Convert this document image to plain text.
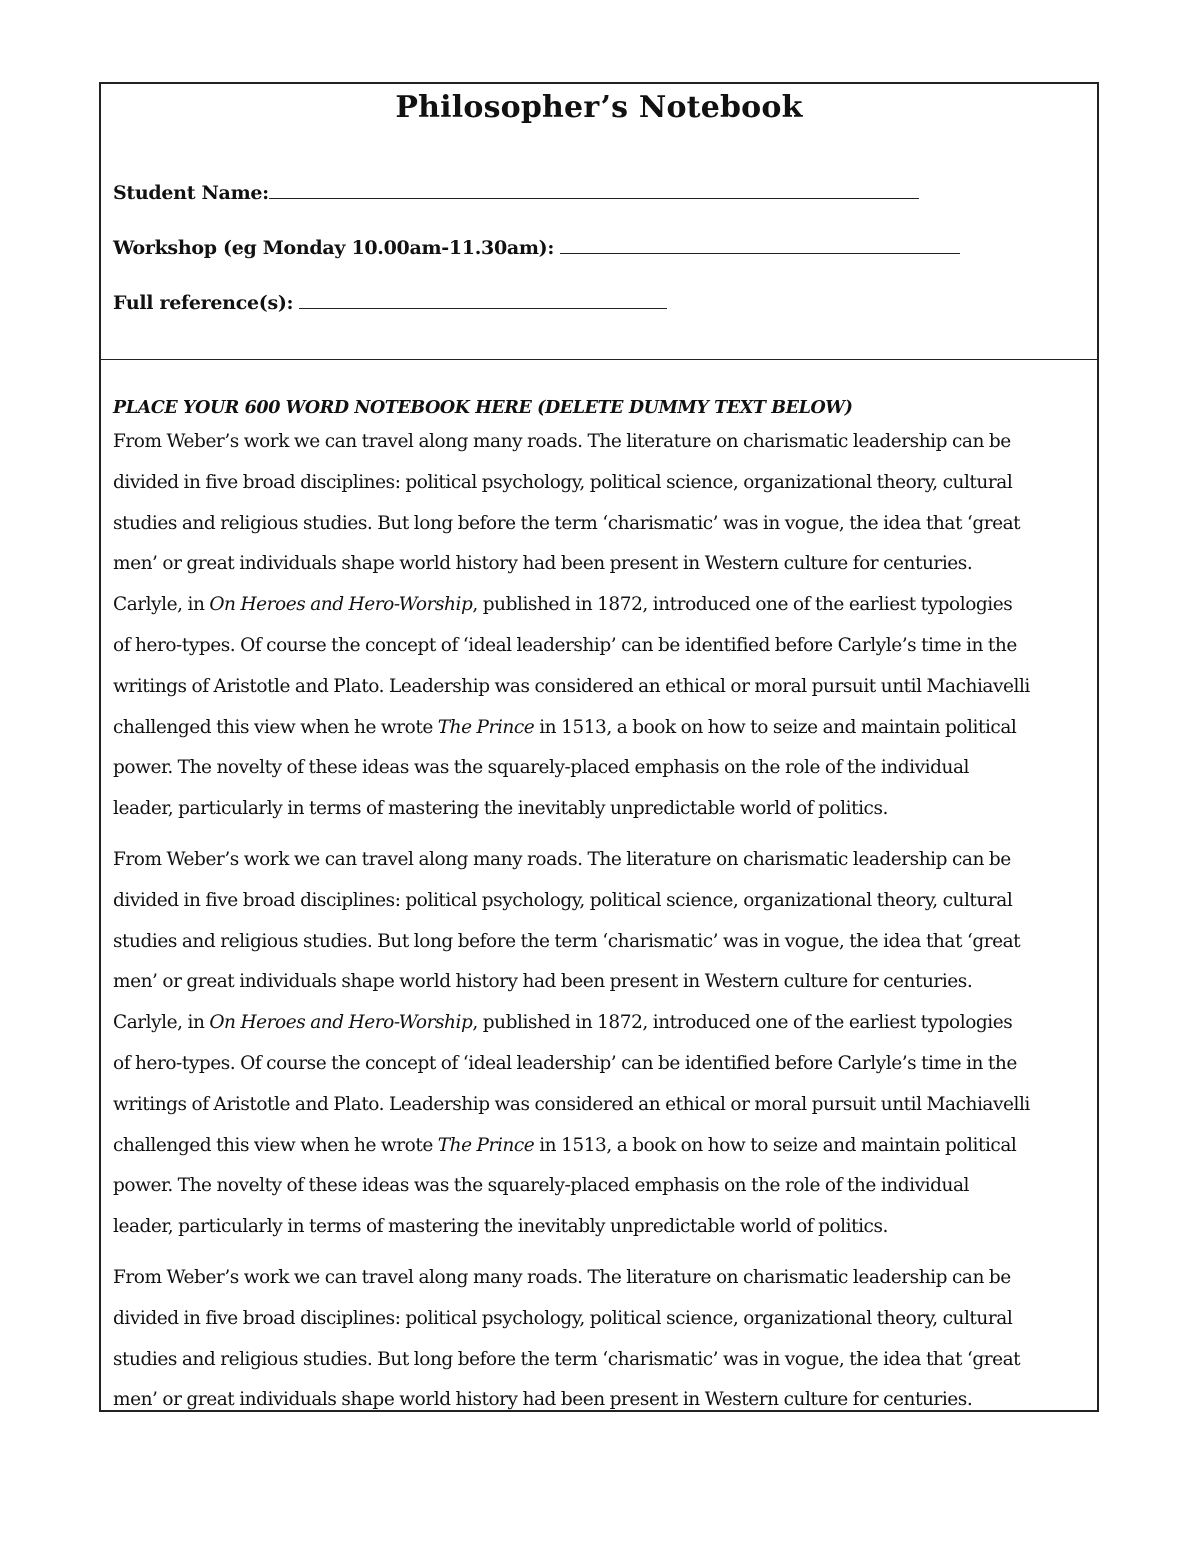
Philosopher’s Notebook
Student Name:
Workshop (eg Monday 10.00am-11.30am):
Full reference(s):
PLACE YOUR 600 WORD NOTEBOOK HERE (DELETE DUMMY TEXT BELOW)
From Weber’s work we can travel along many roads. The literature on charismatic leadership can be
divided in five broad disciplines: political psychology, political science, organizational theory, cultural
studies and religious studies. But long before the term ‘charismatic’ was in vogue, the idea that ‘great
men’ or great individuals shape world history had been present in Western culture for centuries.
Carlyle, in On Heroes and Hero-Worship, published in 1872, introduced one of the earliest typologies
of hero-types. Of course the concept of ‘ideal leadership’ can be identified before Carlyle’s time in the
writings of Aristotle and Plato. Leadership was considered an ethical or moral pursuit until Machiavelli
challenged this view when he wrote The Prince in 1513, a book on how to seize and maintain political
power. The novelty of these ideas was the squarely-placed emphasis on the role of the individual
leader, particularly in terms of mastering the inevitably unpredictable world of politics.
From Weber’s work we can travel along many roads. The literature on charismatic leadership can be
divided in five broad disciplines: political psychology, political science, organizational theory, cultural
studies and religious studies. But long before the term ‘charismatic’ was in vogue, the idea that ‘great
men’ or great individuals shape world history had been present in Western culture for centuries.
Carlyle, in On Heroes and Hero-Worship, published in 1872, introduced one of the earliest typologies
of hero-types. Of course the concept of ‘ideal leadership’ can be identified before Carlyle’s time in the
writings of Aristotle and Plato. Leadership was considered an ethical or moral pursuit until Machiavelli
challenged this view when he wrote The Prince in 1513, a book on how to seize and maintain political
power. The novelty of these ideas was the squarely-placed emphasis on the role of the individual
leader, particularly in terms of mastering the inevitably unpredictable world of politics.
From Weber’s work we can travel along many roads. The literature on charismatic leadership can be
divided in five broad disciplines: political psychology, political science, organizational theory, cultural
studies and religious studies. But long before the term ‘charismatic’ was in vogue, the idea that ‘great
men’ or great individuals shape world history had been present in Western culture for centuries.
